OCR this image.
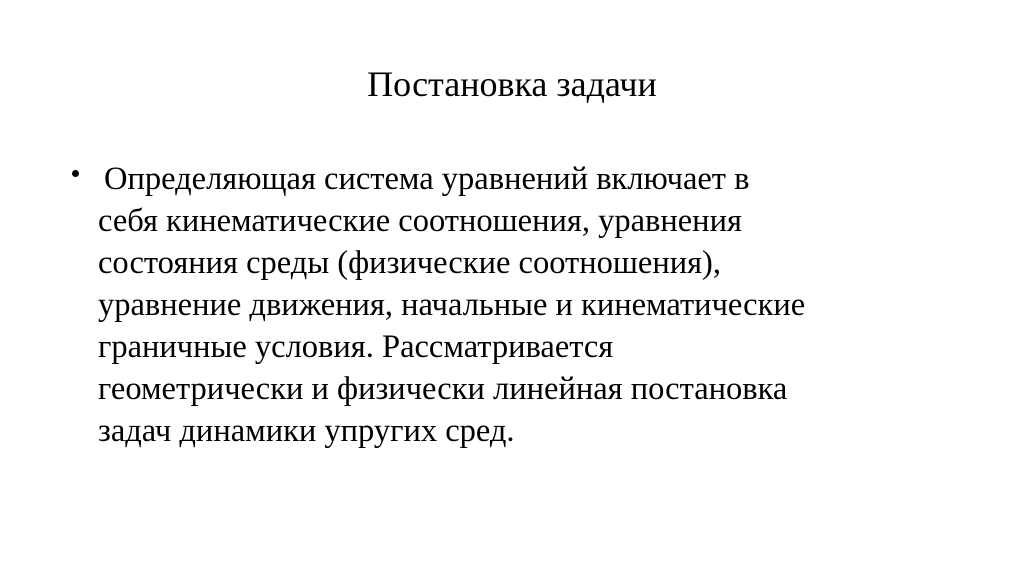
Постановка задачи
Определяющая система уравнений включает в
себя кинематические соотношения, уравнения
состояния среды (физические соотношения),
уравнение движения, начальные и кинематические
граничные условия. Рассматривается
геометрически и физически линейная постановка
задач динамики упругих сред.
